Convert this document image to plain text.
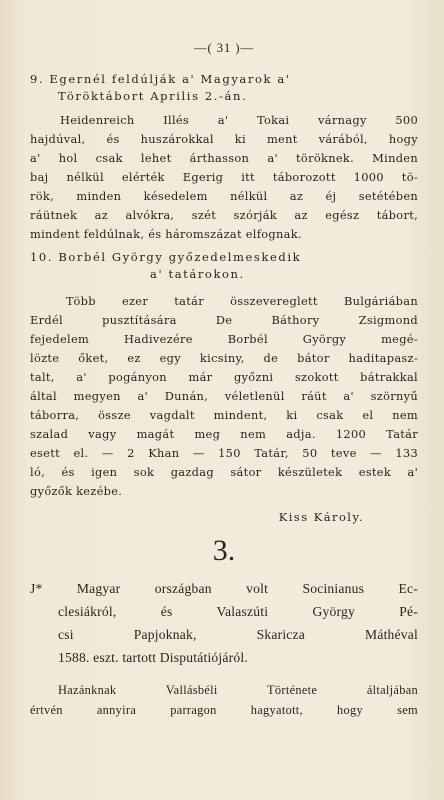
—( 31 )—
9. Egernél feldúlják a' Magyarok a'
Töröktábort Aprilis 2.-án.
Heidenreich Illés a' Tokai várnagy 500
hajdúval, és huszárokkal ki ment várából, hogy
a' hol csak lehet árthasson a' töröknek. Minden
baj nélkül elérték Egerig itt táborozott 1000 tö-
rök, minden késedelem nélkül az éj setétében
ráütnek az alvókra, szét szórják az egész tábort,
mindent feldúlnak, és háromszázat elfognak.
10. Borbél György győzedelmeskedik
a' tatárokon.
Több ezer tatár összevereglett Bulgáriában
Erdél pusztítására De Báthory Zsigmond
fejedelem Hadivezére Borbél György megé-
lözte őket, ez egy kicsiny, de bátor haditapasz-
talt, a' pogányon már győzni szokott bátrakkal
által megyen a' Dunán, véletlenül ráüt a' szörnyű
táborra, össze vagdalt mindent, ki csak el nem
szalad vagy magát meg nem adja. 1200 Tatár
esett el. — 2 Khan — 150 Tatár, 50 teve — 133
ló, és igen sok gazdag sátor készületek estek a'
győzők kezébe.
Kiss Károly.
3.
J* Magyar országban volt Socinianus Ec-
clesiákról, és Valaszúti György Pé-
csi Papjoknak, Skaricza Máthéval
1588. eszt. tartott Disputátiójáról.
Hazánknak Vallásbéli Története általjában
értvén annyira parragon hagyatott, hogy sem
